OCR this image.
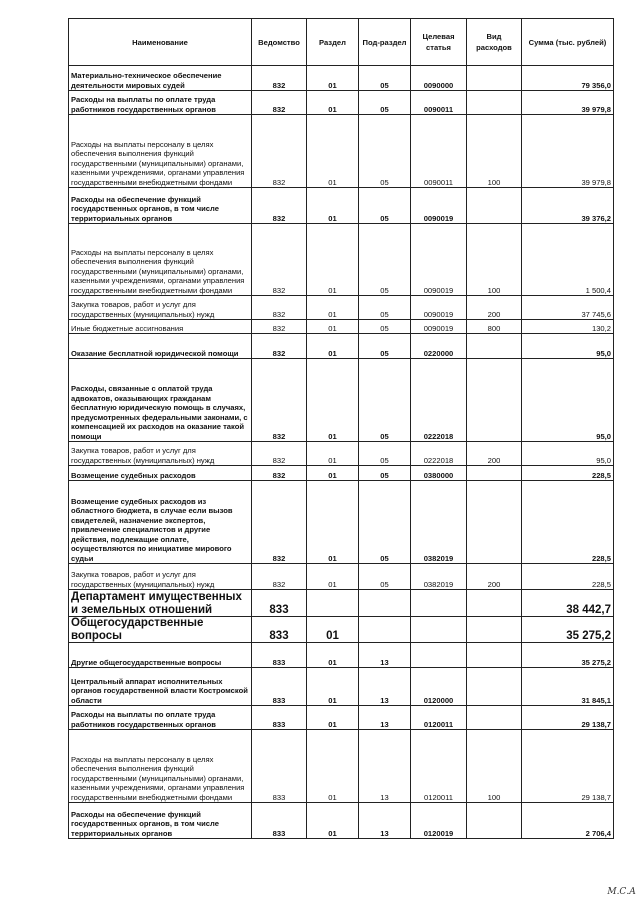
Наименование	Ведомство	Раздел	Под-раздел	Целевая статья	Вид расходов	Сумма (тыс. рублей)
Материально-техническое обеспечение деятельности мировых судей	832	01	05	0090000		79 356,0
Расходы на выплаты по оплате труда работников государственных органов	832	01	05	0090011		39 979,8
Расходы на выплаты персоналу в целях обеспечения выполнения функций государственными (муниципальными) органами, казенными учреждениями, органами управления государственными внебюджетными фондами	832	01	05	0090011	100	39 979,8
Расходы на обеспечение функций государственных органов, в том числе территориальных органов	832	01	05	0090019		39 376,2
Расходы на выплаты персоналу в целях обеспечения выполнения функций государственными (муниципальными) органами, казенными учреждениями, органами управления государственными внебюджетными фондами	832	01	05	0090019	100	1 500,4
Закупка товаров, работ и услуг для государственных (муниципальных) нужд	832	01	05	0090019	200	37 745,6
Иные бюджетные ассигнования	832	01	05	0090019	800	130,2
Оказание бесплатной юридической помощи	832	01	05	0220000		95,0
Расходы, связанные с оплатой труда адвокатов, оказывающих гражданам бесплатную юридическую помощь в случаях, предусмотренных федеральными законами, с компенсацией их расходов на оказание такой помощи	832	01	05	0222018		95,0
Закупка товаров, работ и услуг для государственных (муниципальных) нужд	832	01	05	0222018	200	95,0
Возмещение судебных расходов	832	01	05	0380000		228,5
Возмещение судебных расходов из областного бюджета, в случае если вызов свидетелей, назначение экспертов, привлечение специалистов и другие действия, подлежащие оплате, осуществляются по инициативе мирового судьи	832	01	05	0382019		228,5
Закупка товаров, работ и услуг для государственных (муниципальных) нужд	832	01	05	0382019	200	228,5
Департамент имущественных и земельных отношений	833					38 442,7
Общегосударственные вопросы	833	01				35 275,2
Другие общегосударственные вопросы	833	01	13			35 275,2
Центральный аппарат исполнительных органов государственной власти Костромской области	833	01	13	0120000		31 845,1
Расходы на выплаты по оплате труда работников государственных органов	833	01	13	0120011		29 138,7
Расходы на выплаты персоналу в целях обеспечения выполнения функций государственными (муниципальными) органами, казенными учреждениями, органами управления государственными внебюджетными фондами	833	01	13	0120011	100	29 138,7
Расходы на обеспечение функций государственных органов, в том числе территориальных органов	833	01	13	0120019		2 706,4
М.С.А
